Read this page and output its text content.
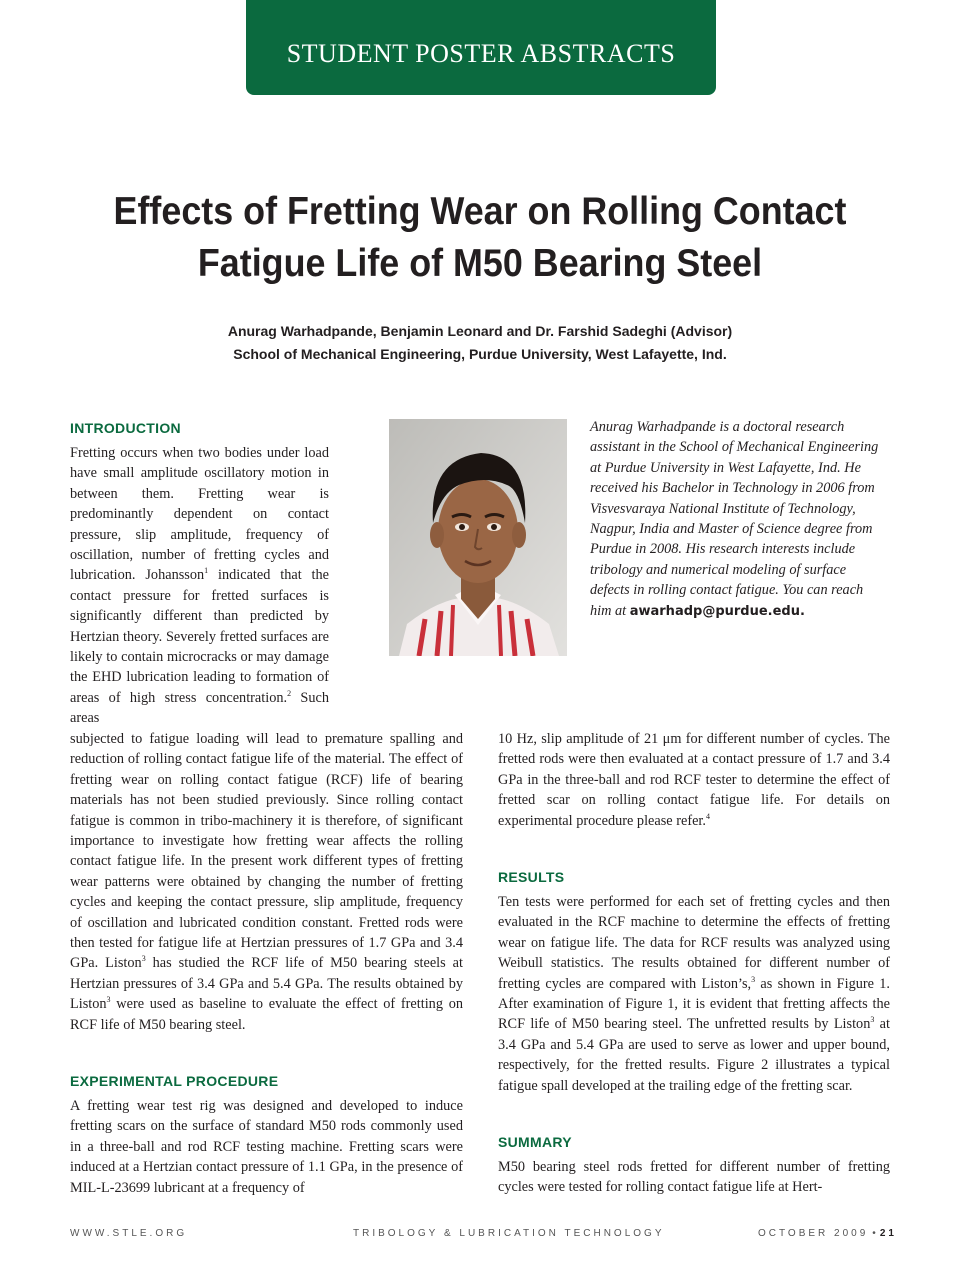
STUDENT POSTER ABSTRACTS
Effects of Fretting Wear on Rolling Contact
Fatigue Life of M50 Bearing Steel
Anurag Warhadpande, Benjamin Leonard and Dr. Farshid Sadeghi (Advisor)
School of Mechanical Engineering, Purdue University, West Lafayette, Ind.
INTRODUCTION

Fretting occurs when two bodies under load have small amplitude oscillatory motion in between them. Fretting wear is predominantly dependent on contact pressure, slip amplitude, frequency of oscillation, number of fretting cycles and lubrication. Johansson$^1$ indicated that the contact pressure for fretted surfaces is significantly different than predicted by Hertzian theory. Severely fretted surfaces are likely to contain microcracks or may damage the EHD lubrication leading to formation of areas of high stress concentration.$^2$ Such areas

subjected to fatigue loading will lead to premature spalling and reduction of rolling contact fatigue life of the material. The effect of fretting wear on rolling contact fatigue (RCF) life of bearing materials has not been studied previously. Since rolling contact fatigue is common in tribo-machinery it is therefore, of significant importance to investigate how fretting wear affects the rolling contact fatigue life. In the present work different types of fretting wear patterns were obtained by changing the number of fretting cycles and keeping the contact pressure, slip amplitude, frequency of oscillation and lubricated condition constant. Fretted rods were then tested for fatigue life at Hertzian pressures of 1.7 GPa and 3.4 GPa. Liston$^3$ has studied the RCF life of M50 bearing steels at Hertzian pressures of 3.4 GPa and 5.4 GPa. The results obtained by Liston$^3$ were used as baseline to evaluate the effect of fretting on RCF life of M50 bearing steel.

EXPERIMENTAL PROCEDURE

A fretting wear test rig was designed and developed to induce fretting scars on the surface of standard M50 rods commonly used in a three-ball and rod RCF testing machine. Fretting scars were induced at a Hertzian contact pressure of 1.1 GPa, in the presence of MIL-L-23699 lubricant at a frequency of

10 Hz, slip amplitude of 21 μm for different number of cycles. The fretted rods were then evaluated at a contact pressure of 1.7 and 3.4 GPa in the three-ball and rod RCF tester to determine the effect of fretted scar on rolling contact fatigue life. For details on experimental procedure please refer.$^4$

RESULTS

Ten tests were performed for each set of fretting cycles and then evaluated in the RCF machine to determine the effects of fretting wear on fatigue life. The data for RCF results was analyzed using Weibull statistics. The results obtained for different number of fretting cycles are compared with Liston’s,$^3$ as shown in Figure 1. After examination of Figure 1, it is evident that fretting affects the RCF life of M50 bearing steel. The unfretted results by Liston$^3$ at 3.4 GPa and 5.4 GPa are used to serve as lower and upper bound, respectively, for the fretted results. Figure 2 illustrates a typical fatigue spall developed at the trailing edge of the fretting scar.

SUMMARY

M50 bearing steel rods fretted for different number of fretting cycles were tested for rolling contact fatigue life at Hert-

Anurag Warhadpande is a doctoral research assistant in the School of Mechanical Engineering at Purdue University in West Lafayette, Ind. He received his Bachelor in Technology in 2006 from Visvesvaraya National Institute of Technology, Nagpur, India and Master of Science degree from Purdue in 2008. His research interests include tribology and numerical modeling of surface defects in rolling contact fatigue. You can reach him at awarhadp@purdue.edu.

WWW.STLE.ORG	TRIBOLOGY & LUBRICATION TECHNOLOGY	OCTOBER 2009 • 21
